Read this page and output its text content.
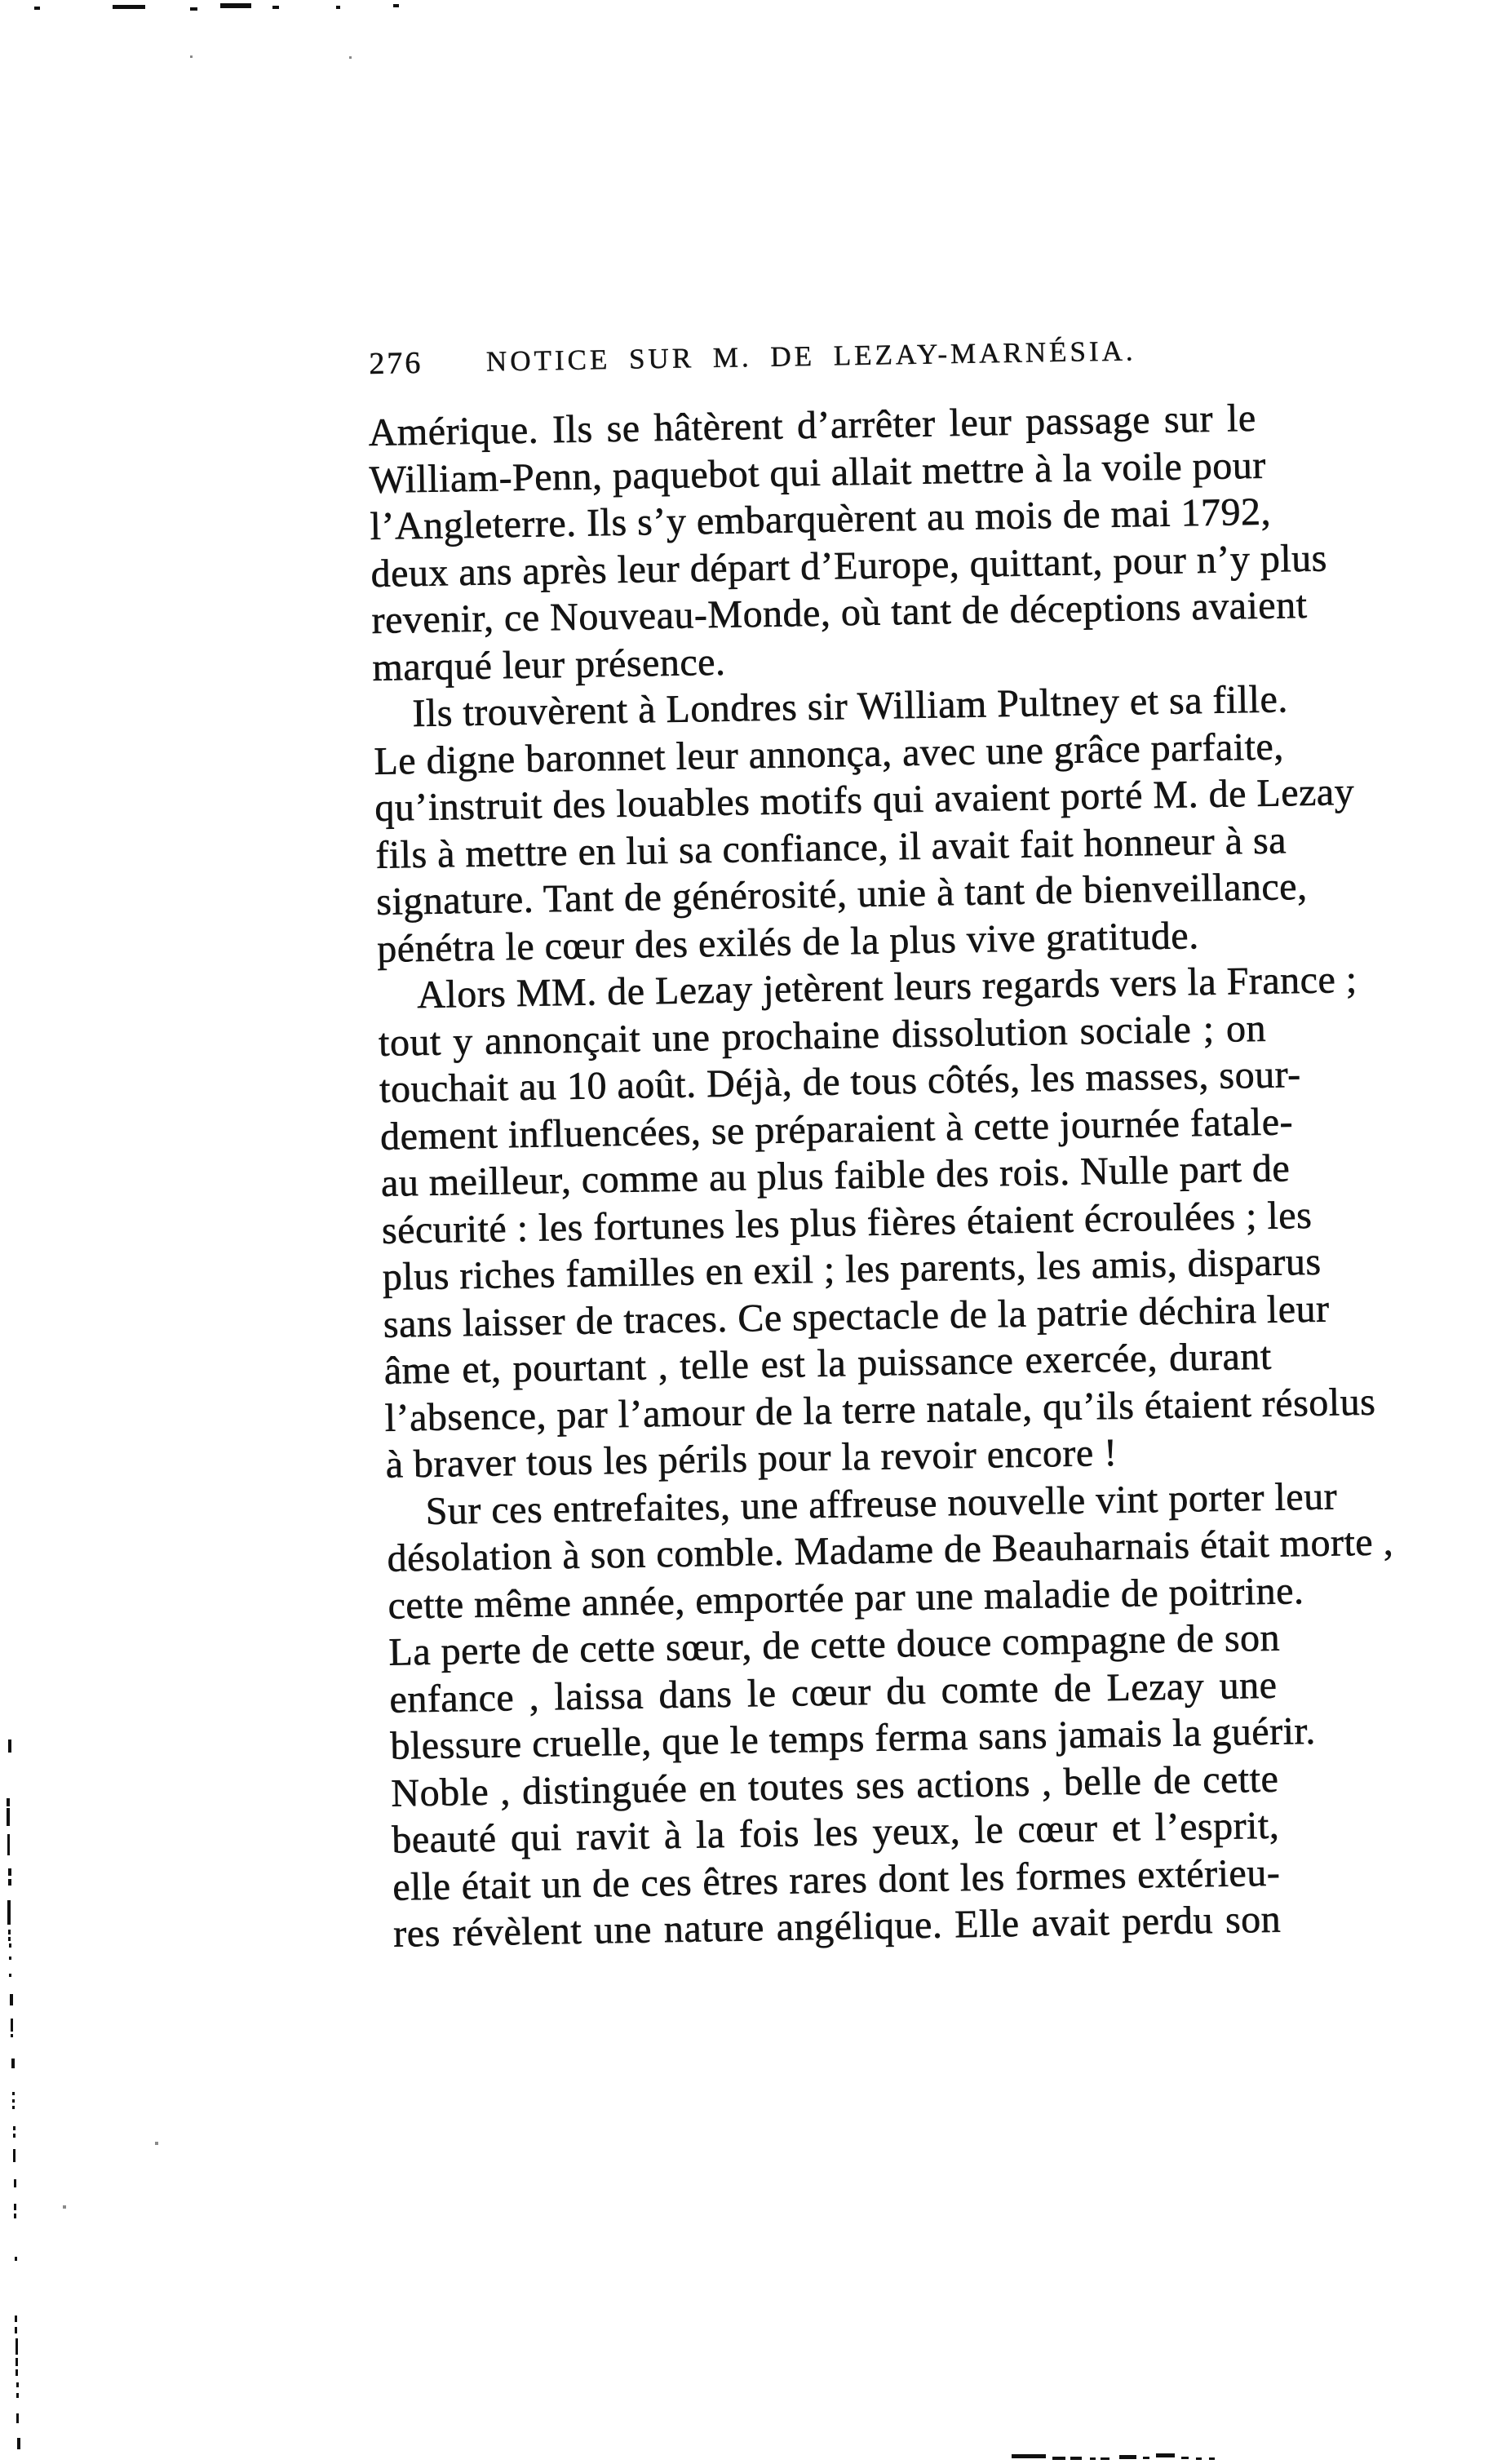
276	NOTICE SUR M. DE LEZAY-MARNÉSIA.
Amérique. Ils se hâtèrent d’arrêter leur passage sur le
William-Penn, paquebot qui allait mettre à la voile pour
l’Angleterre. Ils s’y embarquèrent au mois de mai 1792,
deux ans après leur départ d’Europe, quittant, pour n’y plus
revenir, ce Nouveau-Monde, où tant de déceptions avaient
marqué leur présence.
Ils trouvèrent à Londres sir William Pultney et sa fille.
Le digne baronnet leur annonça, avec une grâce parfaite,
qu’instruit des louables motifs qui avaient porté M. de Lezay
fils à mettre en lui sa confiance, il avait fait honneur à sa
signature. Tant de générosité, unie à tant de bienveillance,
pénétra le cœur des exilés de la plus vive gratitude.
Alors MM. de Lezay jetèrent leurs regards vers la France ;
tout y annonçait une prochaine dissolution sociale ; on
touchait au 10 août. Déjà, de tous côtés, les masses, sour-
dement influencées, se préparaient à cette journée fatale-
au meilleur, comme au plus faible des rois. Nulle part de
sécurité : les fortunes les plus fières étaient écroulées ; les
plus riches familles en exil ; les parents, les amis, disparus
sans laisser de traces. Ce spectacle de la patrie déchira leur
âme et, pourtant , telle est la puissance exercée, durant
l’absence, par l’amour de la terre natale, qu’ils étaient résolus
à braver tous les périls pour la revoir encore !
Sur ces entrefaites, une affreuse nouvelle vint porter leur
désolation à son comble. Madame de Beauharnais était morte ,
cette même année, emportée par une maladie de poitrine.
La perte de cette sœur, de cette douce compagne de son
enfance , laissa dans le cœur du comte de Lezay une
blessure cruelle, que le temps ferma sans jamais la guérir.
Noble , distinguée en toutes ses actions , belle de cette
beauté qui ravit à la fois les yeux, le cœur et l’esprit,
elle était un de ces êtres rares dont les formes extérieu-
res révèlent une nature angélique. Elle avait perdu son
